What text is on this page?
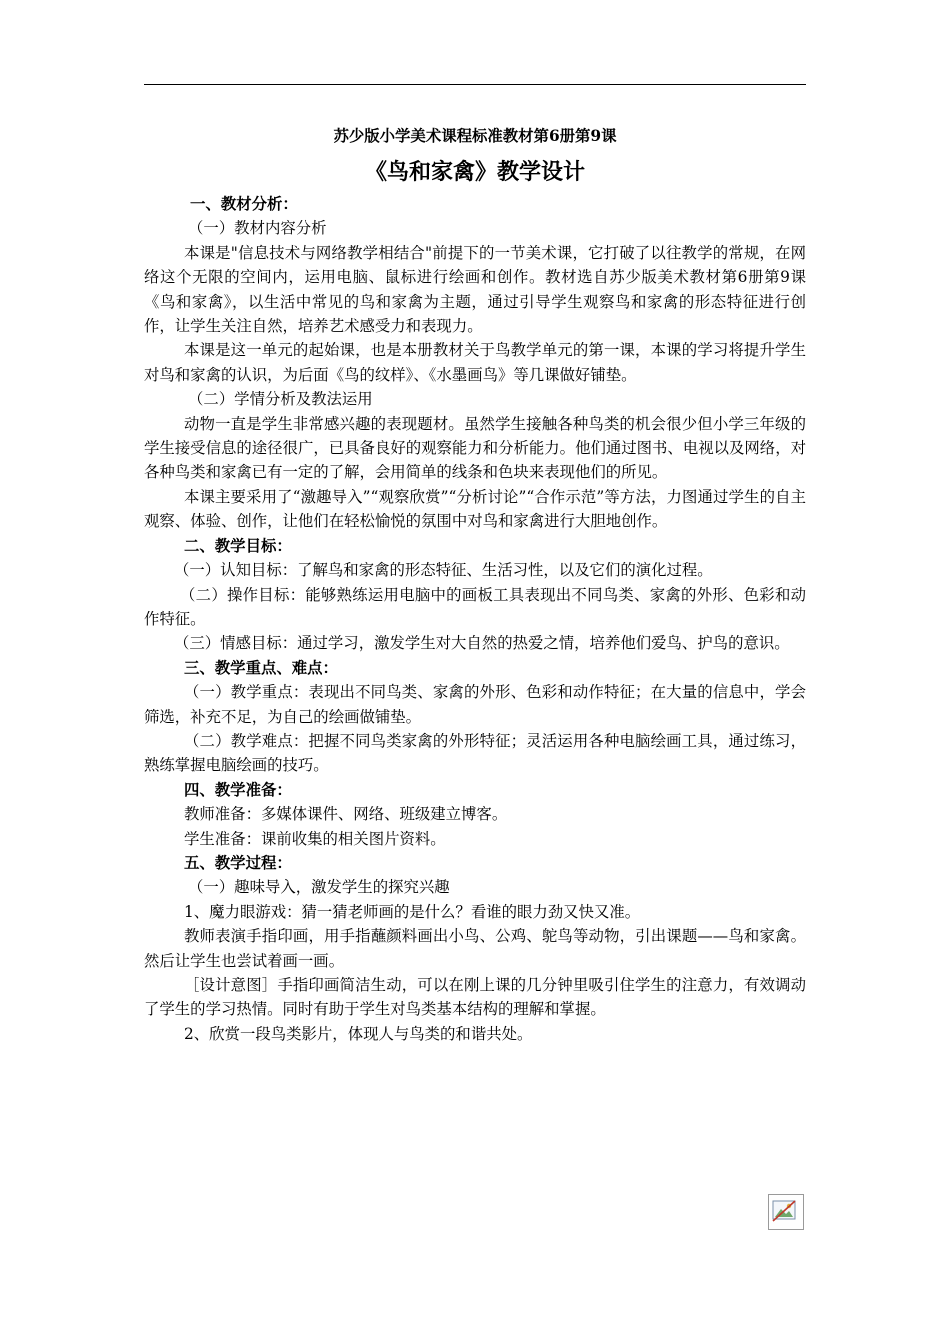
苏少版小学美术课程标准教材第6册第9课
《鸟和家禽》教学设计
一、教材分析：
（一）教材内容分析

本课是"信息技术与网络教学相结合"前提下的一节美术课，它打破了以往教学的常规，在网络这个无限的空间内，运用电脑、鼠标进行绘画和创作。教材选自苏少版美术教材第6册第9课《鸟和家禽》，以生活中常见的鸟和家禽为主题，通过引导学生观察鸟和家禽的形态特征进行创作，让学生关注自然，培养艺术感受力和表现力。

本课是这一单元的起始课，也是本册教材关于鸟教学单元的第一课，本课的学习将提升学生对鸟和家禽的认识，为后面《鸟的纹样》、《水墨画鸟》等几课做好铺垫。

（二）学情分析及教法运用

动物一直是学生非常感兴趣的表现题材。虽然学生接触各种鸟类的机会很少但小学三年级的学生接受信息的途径很广，已具备良好的观察能力和分析能力。他们通过图书、电视以及网络，对各种鸟类和家禽已有一定的了解，会用简单的线条和色块来表现他们的所见。

本课主要采用了“激趣导入”“观察欣赏”“分析讨论”“合作示范”等方法，力图通过学生的自主观察、体验、创作，让他们在轻松愉悦的氛围中对鸟和家禽进行大胆地创作。

二、教学目标：

（一）认知目标：了解鸟和家禽的形态特征、生活习性，以及它们的演化过程。

（二）操作目标：能够熟练运用电脑中的画板工具表现出不同鸟类、家禽的外形、色彩和动作特征。

（三）情感目标：通过学习，激发学生对大自然的热爱之情，培养他们爱鸟、护鸟的意识。

三、教学重点、难点：

（一）教学重点：表现出不同鸟类、家禽的外形、色彩和动作特征；在大量的信息中，学会筛选，补充不足，为自己的绘画做铺垫。

（二）教学难点：把握不同鸟类家禽的外形特征；灵活运用各种电脑绘画工具，通过练习，熟练掌握电脑绘画的技巧。

四、教学准备：

教师准备：多媒体课件、网络、班级建立博客。

学生准备：课前收集的相关图片资料。

五、教学过程：
（一）趣味导入，激发学生的探究兴趣

1、魔力眼游戏：猜一猜老师画的是什么？看谁的眼力劲又快又准。

教师表演手指印画，用手指蘸颜料画出小鸟、公鸡、鸵鸟等动物，引出课题——鸟和家禽。然后让学生也尝试着画一画。

［设计意图］手指印画简洁生动，可以在刚上课的几分钟里吸引住学生的注意力，有效调动了学生的学习热情。同时有助于学生对鸟类基本结构的理解和掌握。

2、欣赏一段鸟类影片，体现人与鸟类的和谐共处。
